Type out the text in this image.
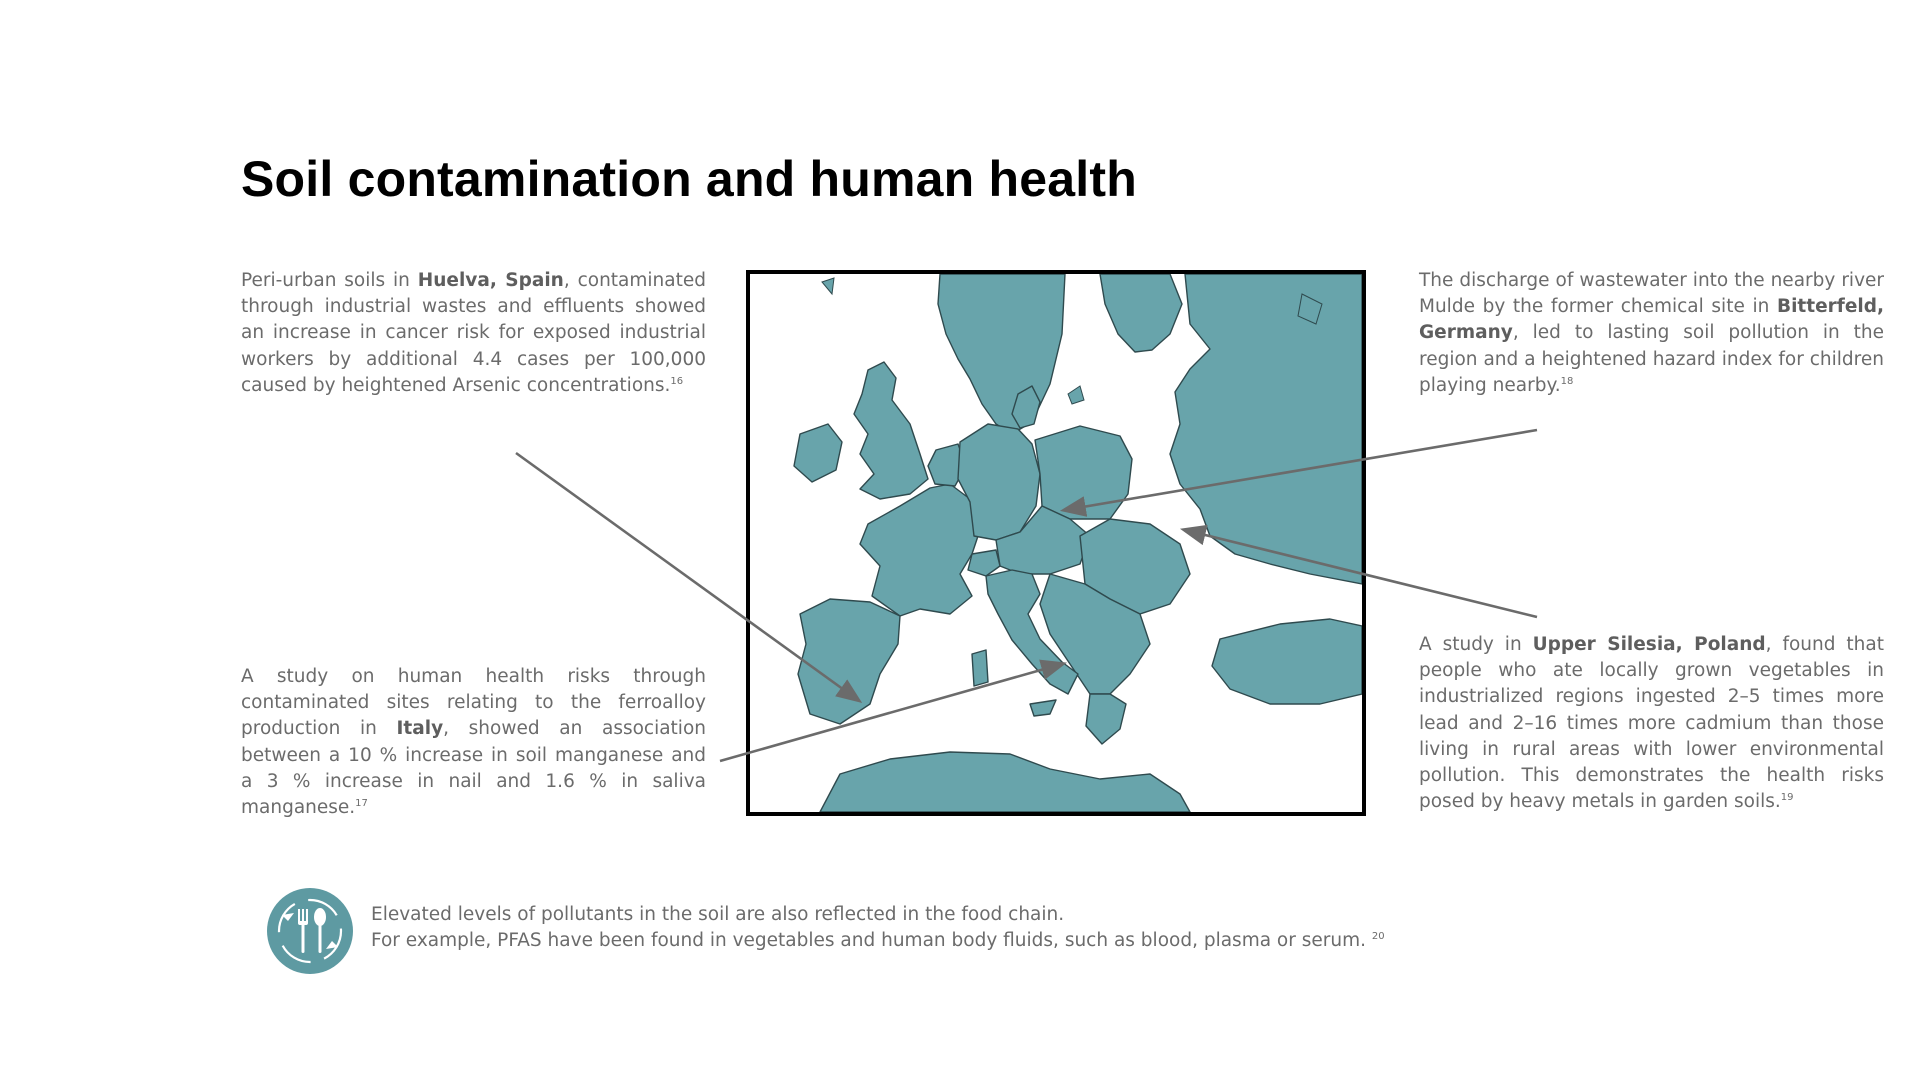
Soil contamination and human health

Peri-urban soils in Huelva, Spain, contaminated through industrial wastes and effluents showed an increase in cancer risk for exposed industrial workers by additional 4.4 cases per 100,000 caused by heightened Arsenic concentrations.$^{16}$

A study on human health risks through contaminated sites relating to the ferroalloy production in Italy, showed an association between a 10 % increase in soil manganese and a 3 % increase in nail and 1.6 % in saliva manganese.$^{17}$

The discharge of wastewater into the nearby river Mulde by the former chemical site in Bitterfeld, Germany, led to lasting soil pollution in the region and a heightened hazard index for children playing nearby.$^{18}$

A study in Upper Silesia, Poland, found that people who ate locally grown vegetables in industrialized regions ingested 2–5 times more lead and 2–16 times more cadmium than those living in rural areas with lower environmental pollution. This demonstrates the health risks posed by heavy metals in garden soils.$^{19}$

Elevated levels of pollutants in the soil are also reflected in the food chain.
For example, PFAS have been found in vegetables and human body fluids, such as blood, plasma or serum. $^{20}$
